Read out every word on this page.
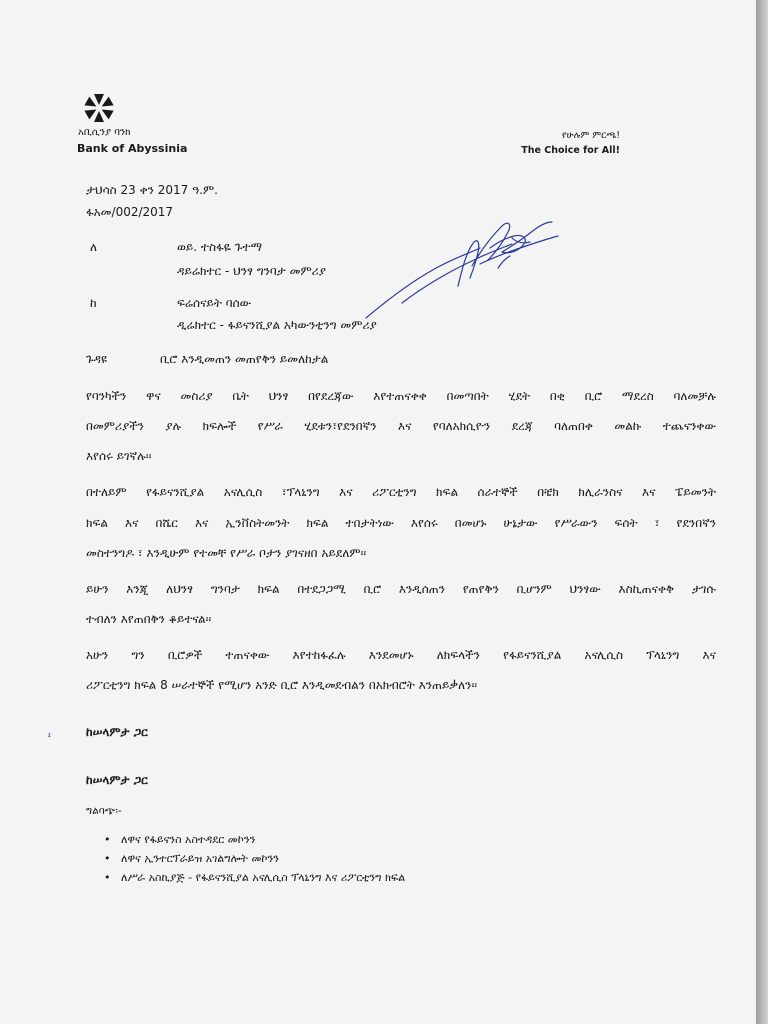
አቢሲንያ ባንክ
Bank of Abyssinia
የሁሉም ምርጫ!
The Choice for All!
ታህሳስ 23 ቀን 2017 ዓ.ም.
ፋአመ/002/2017
ለ	ወይ. ተስፋዬ ጉተማ
ዳይሬክተር - ህንፃ ግንባታ መምሪያ
ከ	ፍሬሰናይት ባሰው
ዲሬክተር - ፋይናንሺያል አካውንቲንግ መምሪያ
ጉዳዩ	ቢሮ እንዲመጠን መጠየቅን ይመለከታል
የባንካችን ዋና መስሪያ ቤት ህንፃ በየደረጃው እየተጠናቀቀ በመጣበት ሂደት በቂ ቢሮ ማደረስ ባለመቻሉ
በመምሪያችን ያሉ ክፍሎች የሥራ ሂደቱን፣የደንበኛን እና የባለአክሲዮን ደረጃ ባለጠበቀ መልኩ ተጨናንቀው
እየሰሩ ይገኛሉ፡፡
በተለይም የፋይናንሺያል አናሊሲስ ፣ፕላኒንግ እና ሪፖርቲንግ ክፍል ሰራተኞች በቼክ ክሊራንስና እና ፔይመንት
ክፍል እና በሼር እና ኢንቨስትመንት ክፍል ተበታትነው እየሰሩ በመሆኑ ሁኔታው የሥራውን ፍሰት ፣ የደንበኛን
መስተንግዶ ፣ እንዲሁም የተመቸ የሥራ ቦታን ያገናዘበ አይደለም፡፡
ይሁን እንጂ ለህንፃ ግንባታ ክፍል በተደጋጋሚ ቢሮ እንዲሰጠን የጠየቅን ቢሆንም ህንፃው እስኪጠናቀቅ ታገሱ
ተብለን እየጠበቅን ቆይተናል፡፡
አሁን ግን ቢሮዎች ተጠናቀው እየተከፋፈሉ እንደመሆኑ ለክፍላችን የፋይናንሺያል አናሊሲስ ፕላኒንግ እና
ሪፖርቲንግ ክፍል 8 ሠራተኞች የሚሆን አንድ ቢሮ እንዲመደብልን በአክብሮት እንጠይቃለን፡፡
፡	ከሠላምታ ጋር
ከሠላምታ ጋር
ግልባጭ፡-
• ለዋና የፋይናንስ አስተዳደር መኮንን
• ለዋና ኢንተርፕራይዝ አገልግሎት መኮንን
• ለሥራ አስኪያጅ - የፋይናንሺያል አናሊሲስ ፕላኒንግ እና ሪፖርቲንግ ክፍል
